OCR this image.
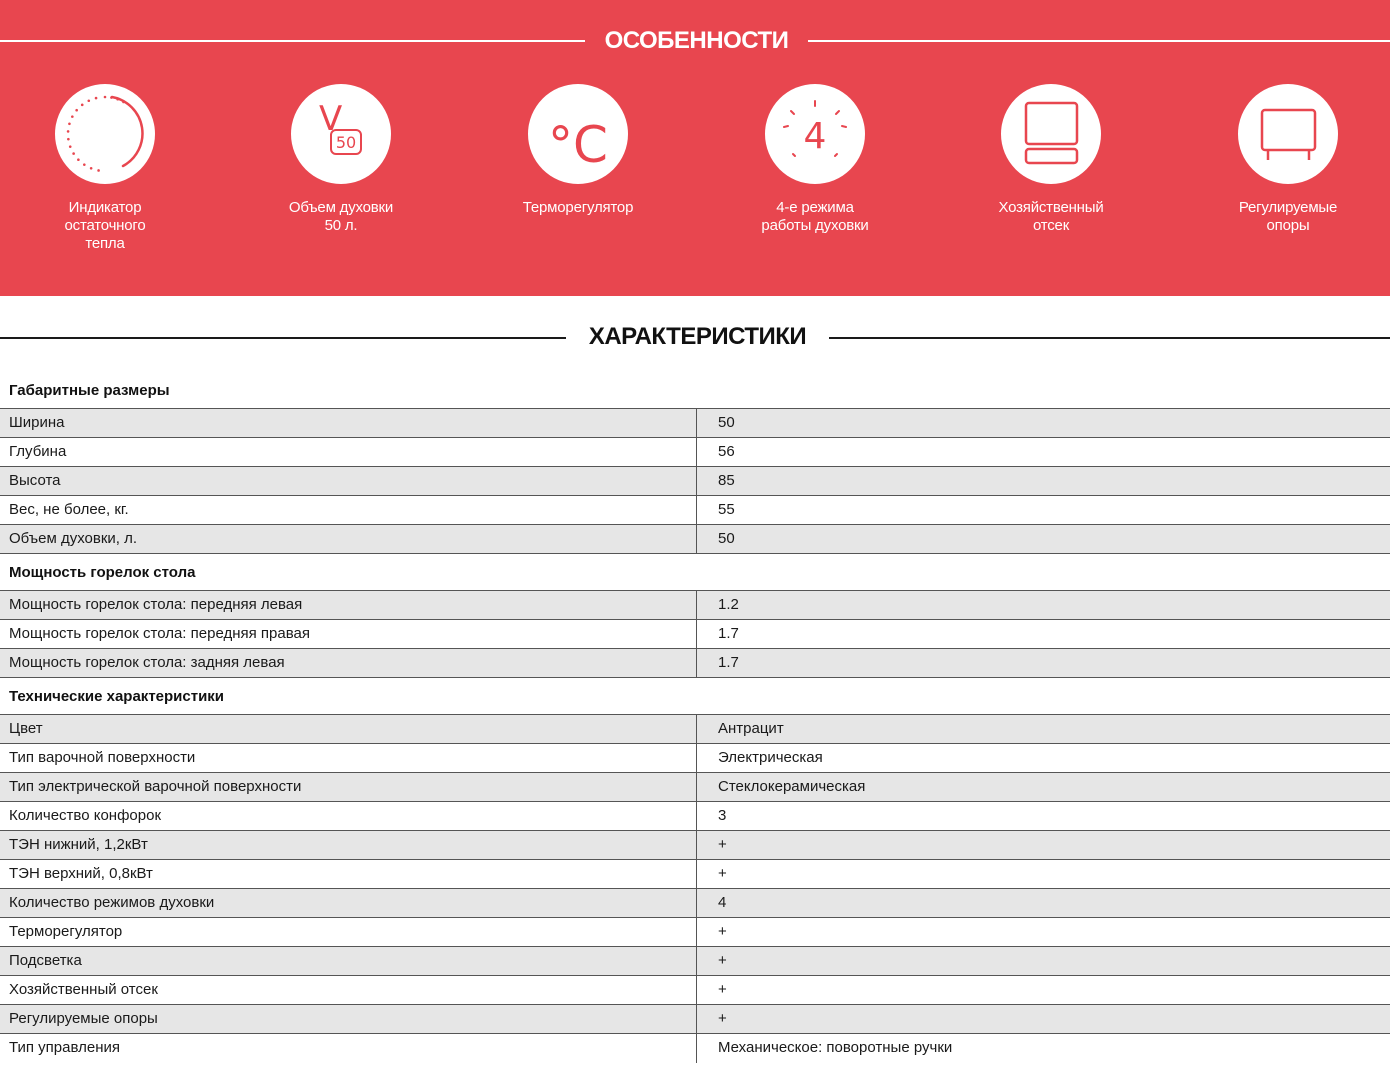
ОСОБЕННОСТИ
Индикатор
остаточного
тепла
V
50
Объем духовки
50 л.
°C
Терморегулятор
4
4-е режима
работы духовки
Хозяйственный
отсек
Регулируемые
опоры
ХАРАКТЕРИСТИКИ
Габаритные размеры
Ширина	50
Глубина	56
Высота	85
Вес, не более, кг.	55
Объем духовки, л.	50
Мощность горелок стола
Мощность горелок стола: передняя левая	1.2
Мощность горелок стола: передняя правая	1.7
Мощность горелок стола: задняя левая	1.7
Технические характеристики
Цвет	Антрацит
Тип варочной поверхности	Электрическая
Тип электрической варочной поверхности	Стеклокерамическая
Количество конфорок	3
ТЭН нижний, 1,2кВт	+
ТЭН верхний, 0,8кВт	+
Количество режимов духовки	4
Терморегулятор	+
Подсветка	+
Хозяйственный отсек	+
Регулируемые опоры	+
Тип управления	Механическое: поворотные ручки
